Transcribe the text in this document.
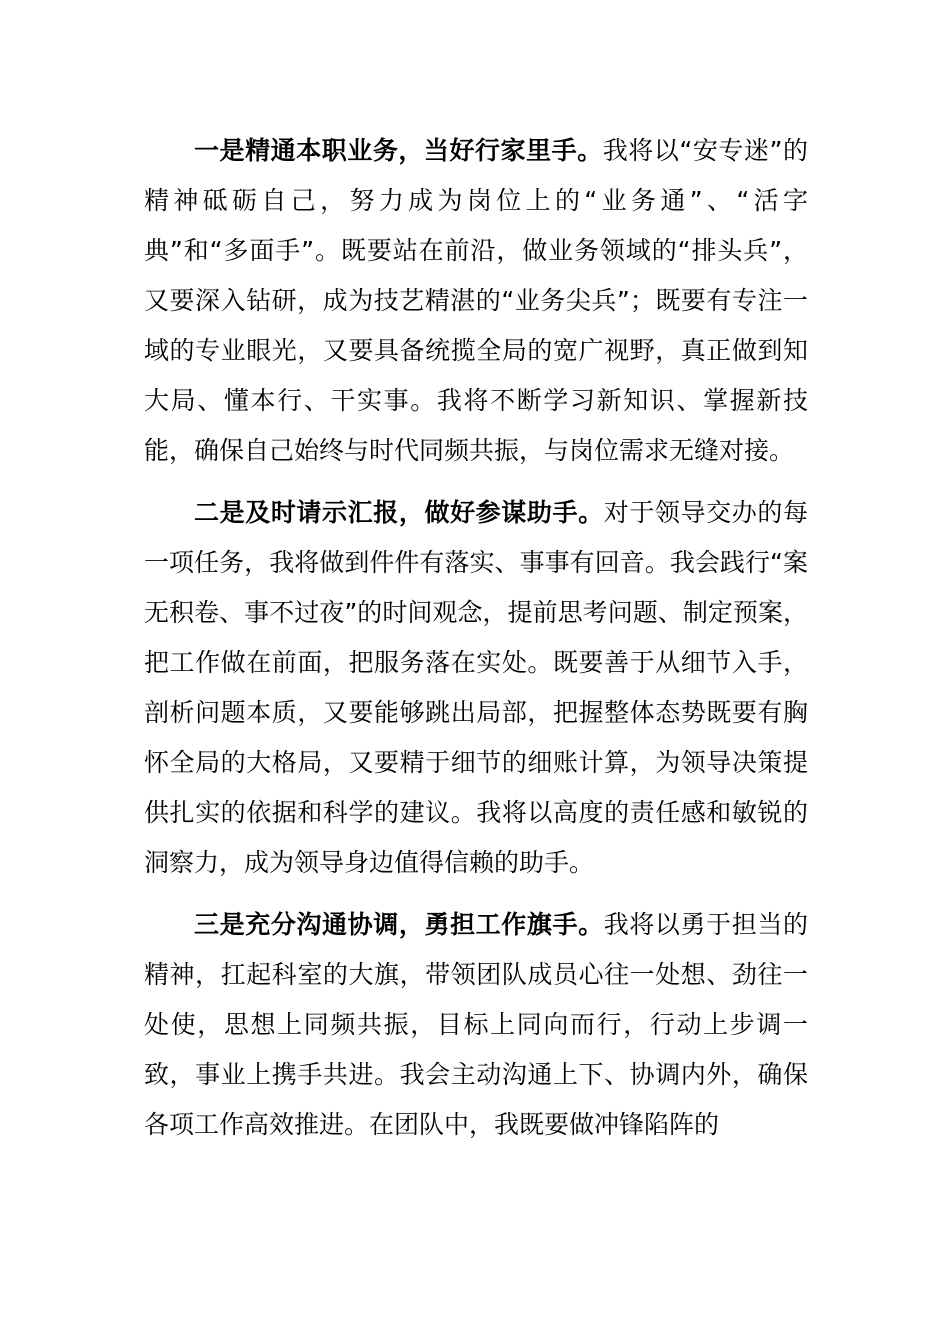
一是精通本职业务，当好行家里手。我将以“安专迷”的精神砥砺自己，努力成为岗位上的“业务通”、“活字典”和“多面手”。既要站在前沿，做业务领域的“排头兵”，又要深入钻研，成为技艺精湛的“业务尖兵”；既要有专注一域的专业眼光，又要具备统揽全局的宽广视野，真正做到知大局、懂本行、干实事。我将不断学习新知识、掌握新技能，确保自己始终与时代同频共振，与岗位需求无缝对接。

二是及时请示汇报，做好参谋助手。对于领导交办的每一项任务，我将做到件件有落实、事事有回音。我会践行“案无积卷、事不过夜”的时间观念，提前思考问题、制定预案，把工作做在前面，把服务落在实处。既要善于从细节入手，剖析问题本质，又要能够跳出局部，把握整体态势既要有胸怀全局的大格局，又要精于细节的细账计算，为领导决策提供扎实的依据和科学的建议。我将以高度的责任感和敏锐的洞察力，成为领导身边值得信赖的助手。

三是充分沟通协调，勇担工作旗手。我将以勇于担当的精神，扛起科室的大旗，带领团队成员心往一处想、劲往一处使，思想上同频共振，目标上同向而行，行动上步调一致，事业上携手共进。我会主动沟通上下、协调内外，确保各项工作高效推进。在团队中，我既要做冲锋陷阵的
